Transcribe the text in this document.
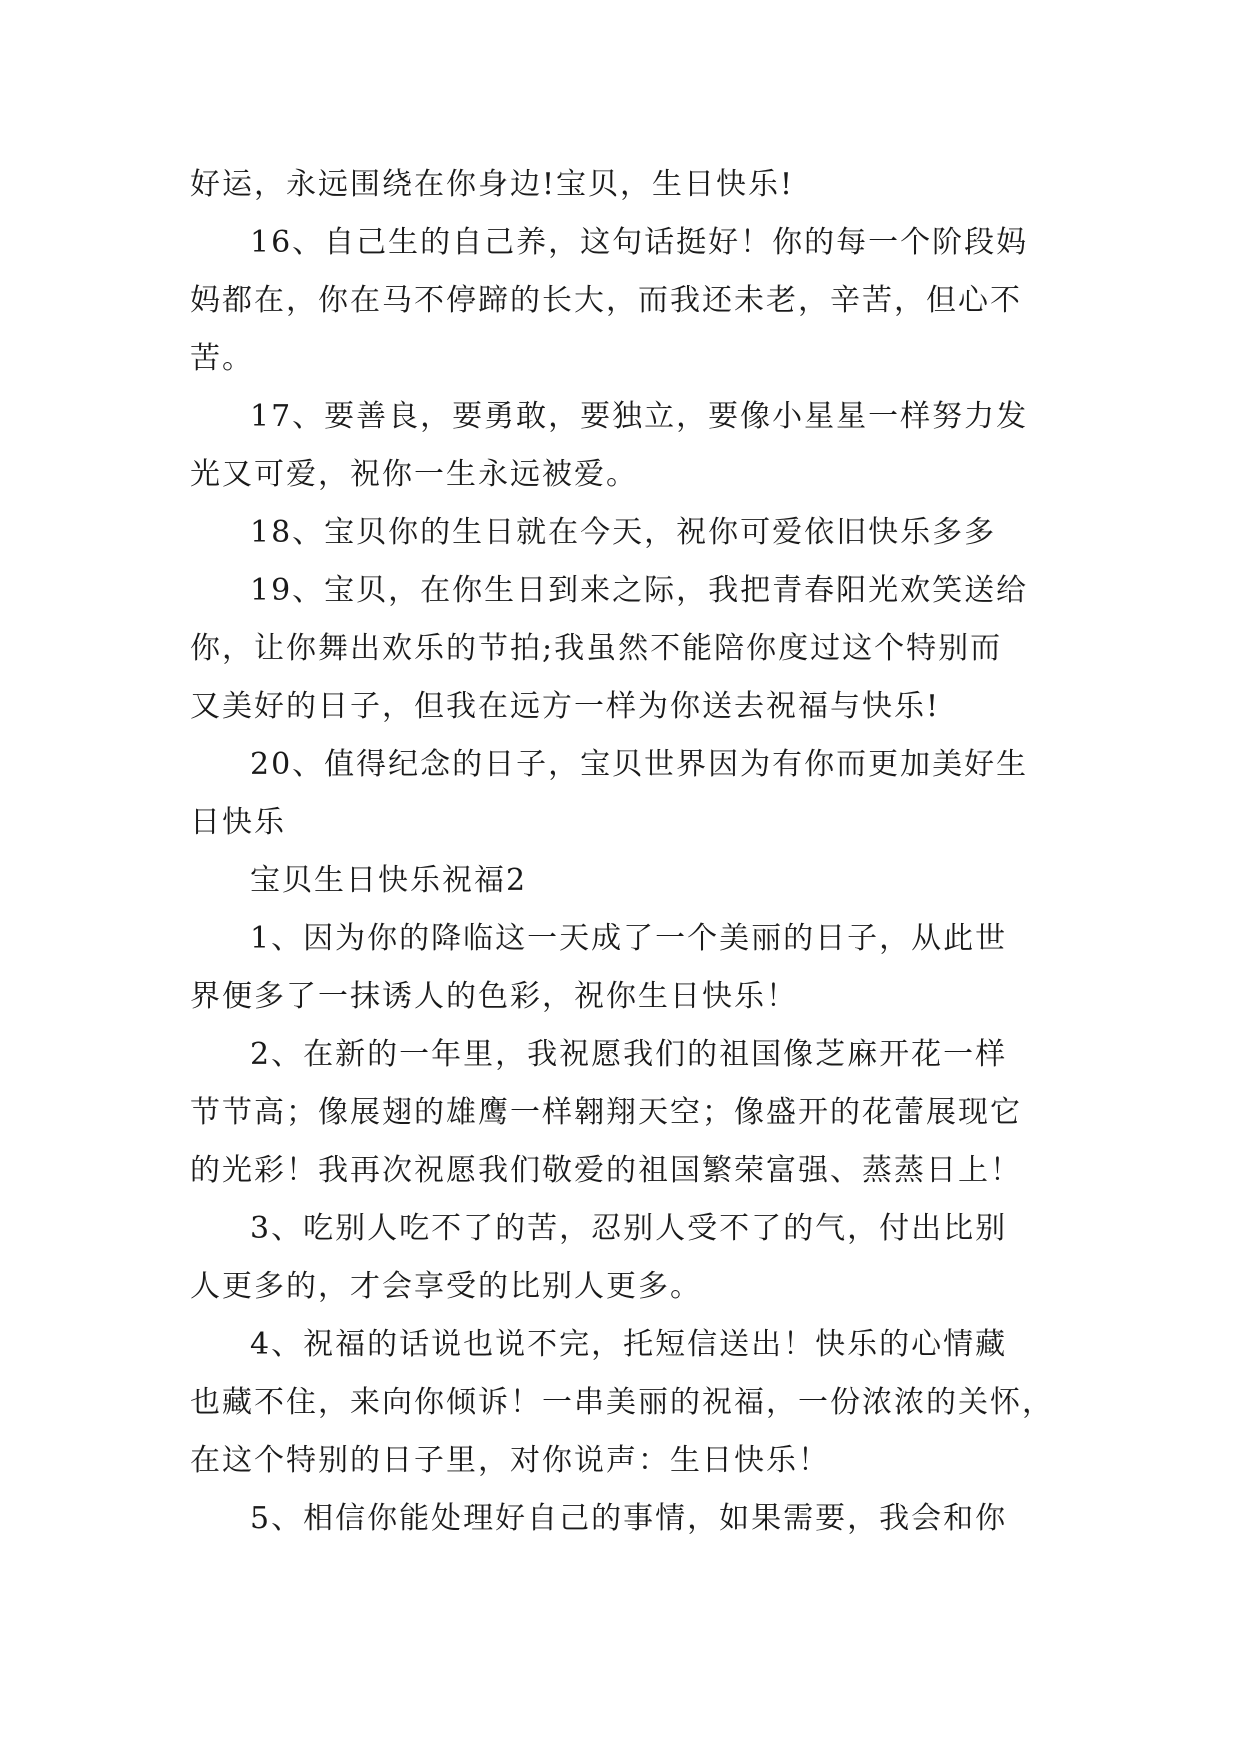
好运，永远围绕在你身边!宝贝，生日快乐!
16、自己生的自己养，这句话挺好！你的每一个阶段妈
妈都在，你在马不停蹄的长大，而我还未老，辛苦，但心不
苦。
17、要善良，要勇敢，要独立，要像小星星一样努力发
光又可爱，祝你一生永远被爱。
18、宝贝你的生日就在今天，祝你可爱依旧快乐多多
19、宝贝，在你生日到来之际，我把青春阳光欢笑送给
你，让你舞出欢乐的节拍;我虽然不能陪你度过这个特别而
又美好的日子，但我在远方一样为你送去祝福与快乐!
20、值得纪念的日子，宝贝世界因为有你而更加美好生
日快乐
宝贝生日快乐祝福2
1、因为你的降临这一天成了一个美丽的日子，从此世
界便多了一抹诱人的色彩，祝你生日快乐！
2、在新的一年里，我祝愿我们的祖国像芝麻开花一样
节节高；像展翅的雄鹰一样翱翔天空；像盛开的花蕾展现它
的光彩！我再次祝愿我们敬爱的祖国繁荣富强、蒸蒸日上！
3、吃别人吃不了的苦，忍别人受不了的气，付出比别
人更多的，才会享受的比别人更多。
4、祝福的话说也说不完，托短信送出！快乐的心情藏
也藏不住，来向你倾诉！一串美丽的祝福，一份浓浓的关怀，
在这个特别的日子里，对你说声：生日快乐！
5、相信你能处理好自己的事情，如果需要，我会和你
